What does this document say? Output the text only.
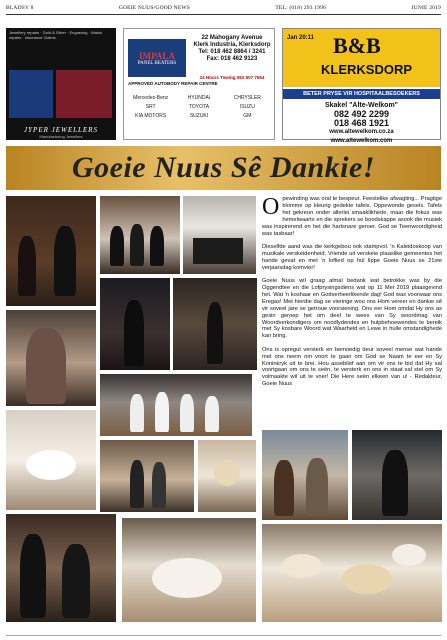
BLADSY 8	GOEIE NUUS/GOOD NEWS	TEL: (018) 293 1996	JUNIE 2019
Jewellery repairs · Gold & Silver · Engraving · Watch repairs · Insurance Claims
JYPER JEWELLERS
Manufacturing Jewellers
IMPALA
PANEL BEATERS
22 Mahogany Avenue
Klerk Industria, Klerksdorp
Tel: 018 462 8864 / 3241
Fax: 018 462 9123
APPROVED AUTOBODY REPAIR CENTRE
24 Hours Towing 082 507 7564
Mercedes-Benz	HYUNDAI	CHRYSLER
SRT	TOYOTA	ISUZU
KIA MOTORS	SUZUKI	GM
Jan 20:11 B&B
KLERKSDORP
BETER PRYSE VIR HOSPITAALBESOEKERS
Skakel "Alte-Welkom"
082 492 2299
018 468 1921
www.altewelkom.co.za
www.altewelkom.com
Goeie Nuus Sê Dankie!

Opewinding was oral te bespeur. Feestelike afwagting... Pragtige blomme op kleurig gedekte tafels. Oppewonde gesels. Tafels het gekreun onder allerlei smaaklikhede, maar die fokus was hemelwaarts en die sprekers se boodskappe asook die musiek was inspirerend en het die hartsnare geroer. God se Teenwoordigheid was tasbaar!

Dieselfde aand was die kerkgebou ook stampvol. 'n Kaleidoskoop van musikale verskeidenheid. Vriende uit verskeie plaaslike gemeentes het hande gevat en met 'n loflied op hul lippe Goeie Nuus se 21ste verjaarsdag komvier!

Goeie Nuus wil graag almal bedank wat betrokke was by die Oggendtee en die Lofprysingsdiens wat op 11 Mei 2019 plaasgevind het. Wat 'n koshaar en Godverheerlikende dag! God was voorwaar ons Eregas! Met hierdie dag se vieringe wou ons Hom vereer en dankie sê vir soveel jare se getroue voorsiening. Ons eer Hom omdat Hy ons as gesin geroep het om deel te wees van Sy woordmag van Woordverkondigers om noodlydendes en hulpbehoewendes te bereik met Sy kosbare Woord wat Waarheid en Lewe in hulle omstandighede kan bring.

Ons is opregut versterk en bemoedig deur soveel mense wat hande met ons neem om voort te gaan om God se Naam te eer en Sy Koninkryk uit te brei. Hou asseblief aan om vir ons te bid dat Hy sal voortgaan om ons te seën, te versterk en ons in staat sal stel om Sy volmaakte wil uit te voer! Die Here seën elkeen van u! - Redakteur, Goeie Nuus
